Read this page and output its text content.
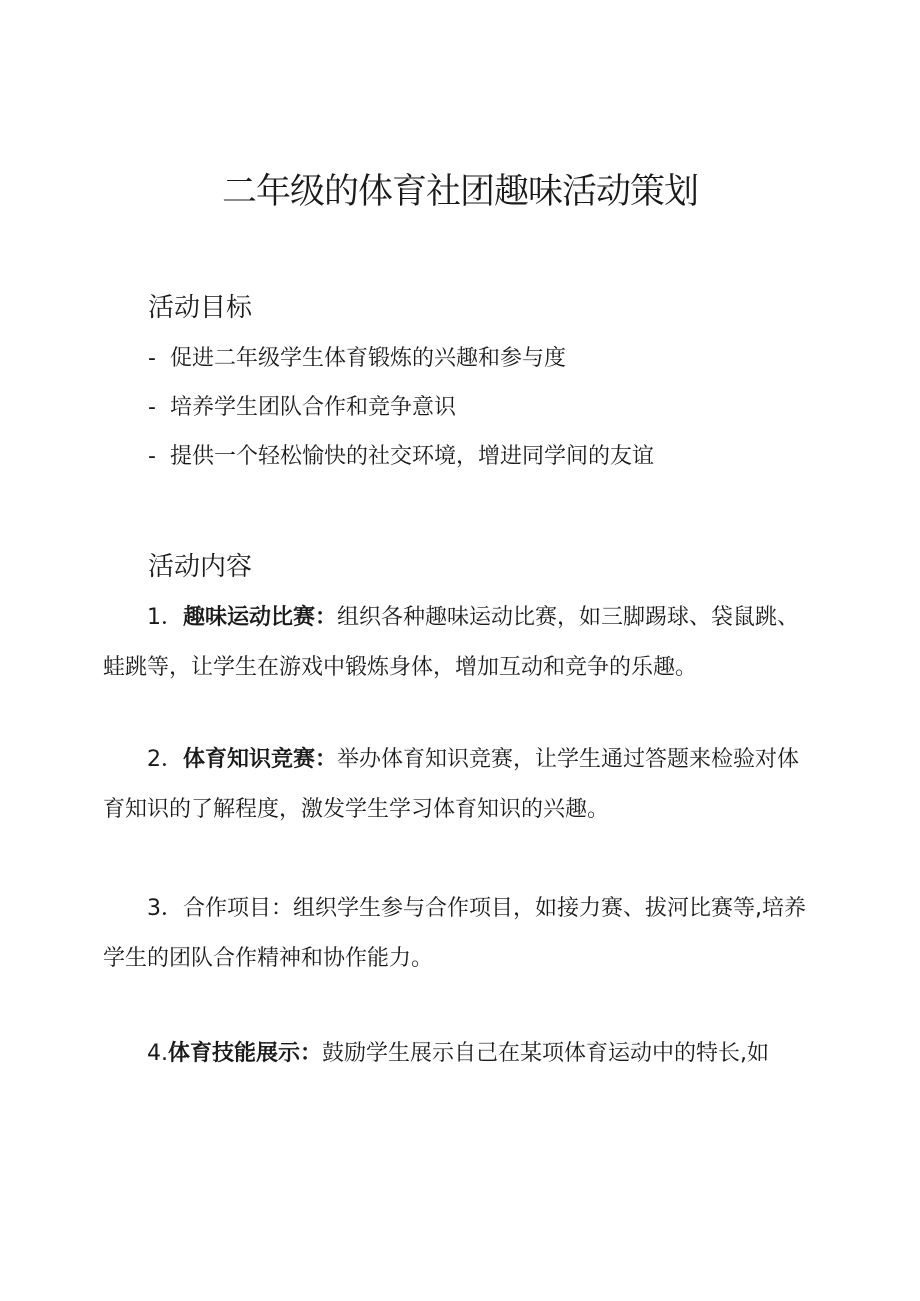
二年级的体育社团趣味活动策划
活动目标

- 促进二年级学生体育锻炼的兴趣和参与度

- 培养学生团队合作和竞争意识

- 提供一个轻松愉快的社交环境，增进同学间的友谊

活动内容

1．趣味运动比赛：组织各种趣味运动比赛，如三脚踢球、袋鼠跳、蛙跳等，让学生在游戏中锻炼身体，增加互动和竞争的乐趣。

2．体育知识竞赛：举办体育知识竞赛，让学生通过答题来检验对体育知识的了解程度，激发学生学习体育知识的兴趣。

3．合作项目：组织学生参与合作项目，如接力赛、拔河比赛等,培养学生的团队合作精神和协作能力。

4.体育技能展示：鼓励学生展示自己在某项体育运动中的特长,如
